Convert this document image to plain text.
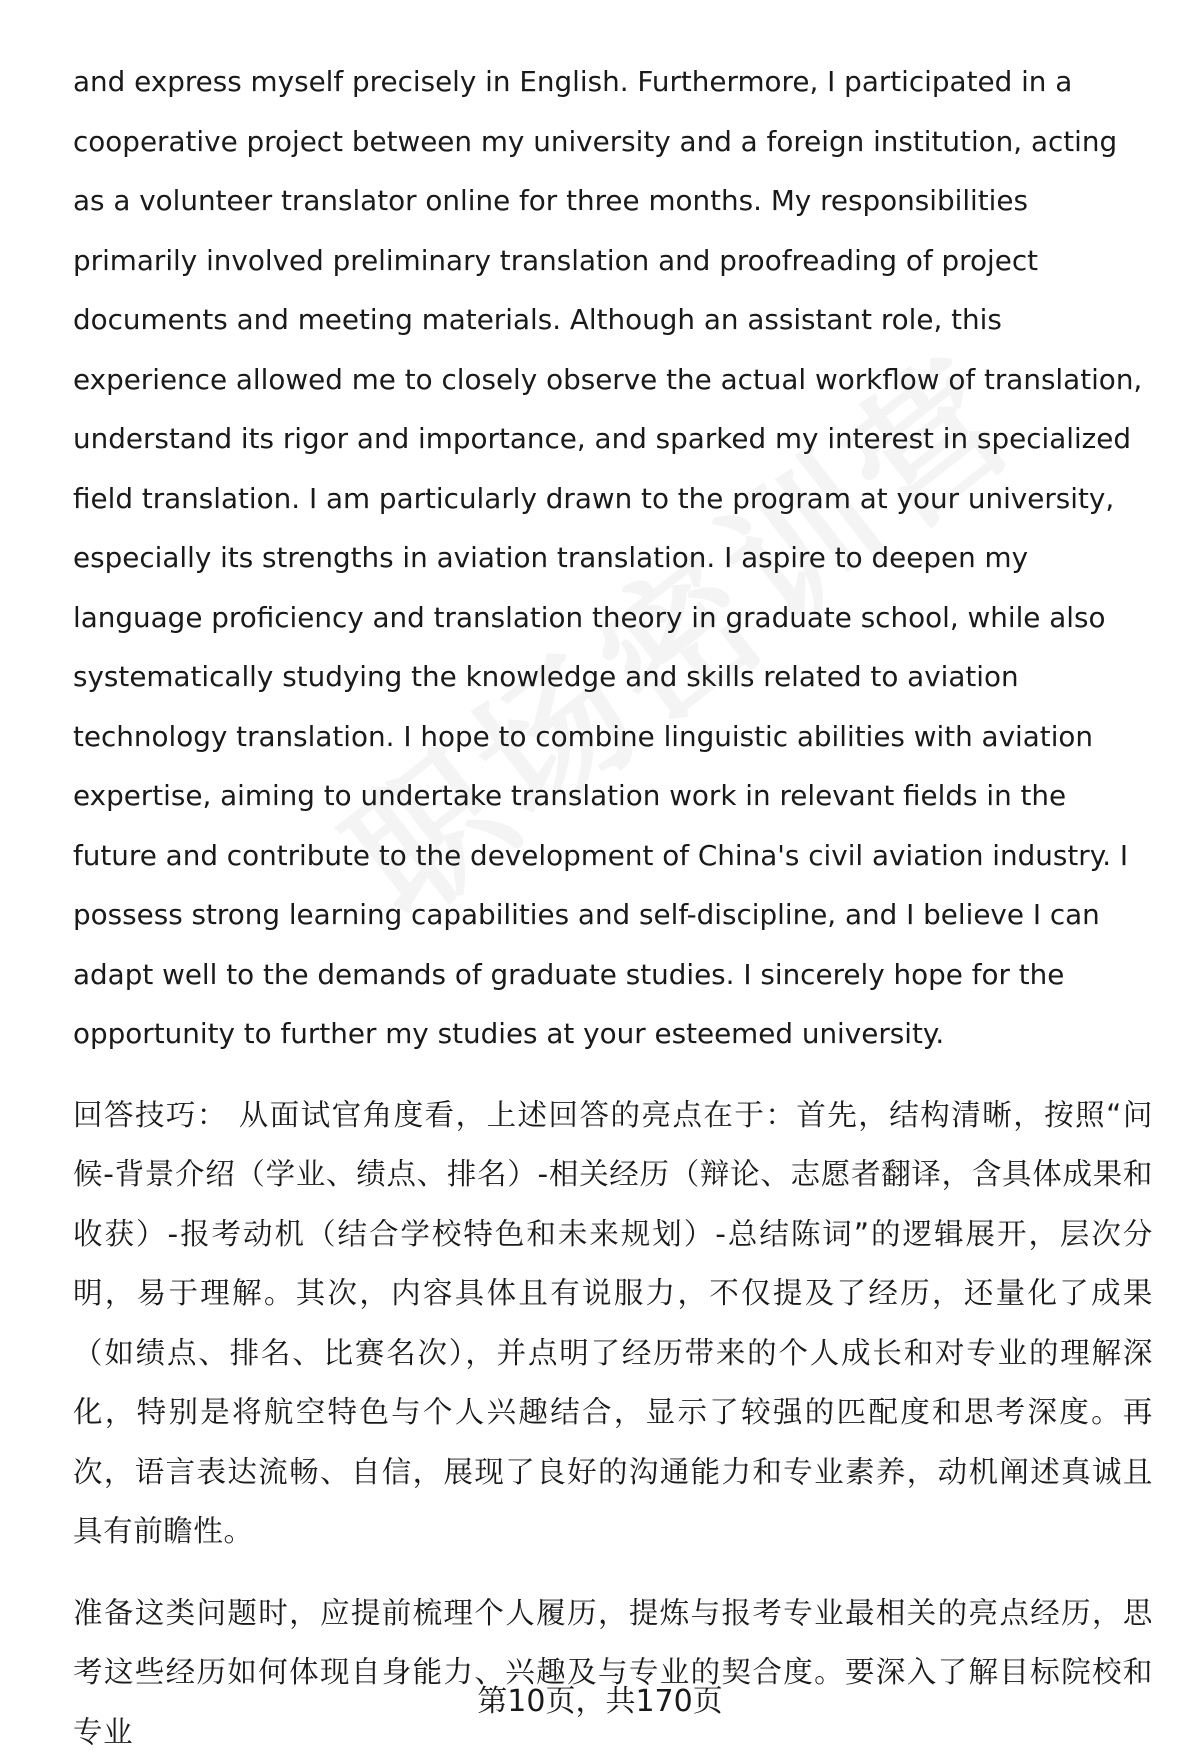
and express myself precisely in English. Furthermore, I participated in a cooperative project between my university and a foreign institution, acting as a volunteer translator online for three months. My responsibilities primarily involved preliminary translation and proofreading of project documents and meeting materials. Although an assistant role, this experience allowed me to closely observe the actual workflow of translation, understand its rigor and importance, and sparked my interest in specialized field translation. I am particularly drawn to the program at your university, especially its strengths in aviation translation. I aspire to deepen my language proficiency and translation theory in graduate school, while also systematically studying the knowledge and skills related to aviation technology translation. I hope to combine linguistic abilities with aviation expertise, aiming to undertake translation work in relevant fields in the future and contribute to the development of China's civil aviation industry. I possess strong learning capabilities and self-discipline, and I believe I can adapt well to the demands of graduate studies. I sincerely hope for the opportunity to further my studies at your esteemed university.

回答技巧： 从面试官角度看，上述回答的亮点在于：首先，结构清晰，按照“问候-背景介绍（学业、绩点、排名）-相关经历（辩论、志愿者翻译，含具体成果和收获）-报考动机（结合学校特色和未来规划）-总结陈词”的逻辑展开，层次分明，易于理解。其次，内容具体且有说服力，不仅提及了经历，还量化了成果（如绩点、排名、比赛名次），并点明了经历带来的个人成长和对专业的理解深化，特别是将航空特色与个人兴趣结合，显示了较强的匹配度和思考深度。再次，语言表达流畅、自信，展现了良好的沟通能力和专业素养，动机阐述真诚且具有前瞻性。

准备这类问题时，应提前梳理个人履历，提炼与报考专业最相关的亮点经历，思考这些经历如何体现自身能力、兴趣及与专业的契合度。要深入了解目标院校和专业

第10页，共170页
